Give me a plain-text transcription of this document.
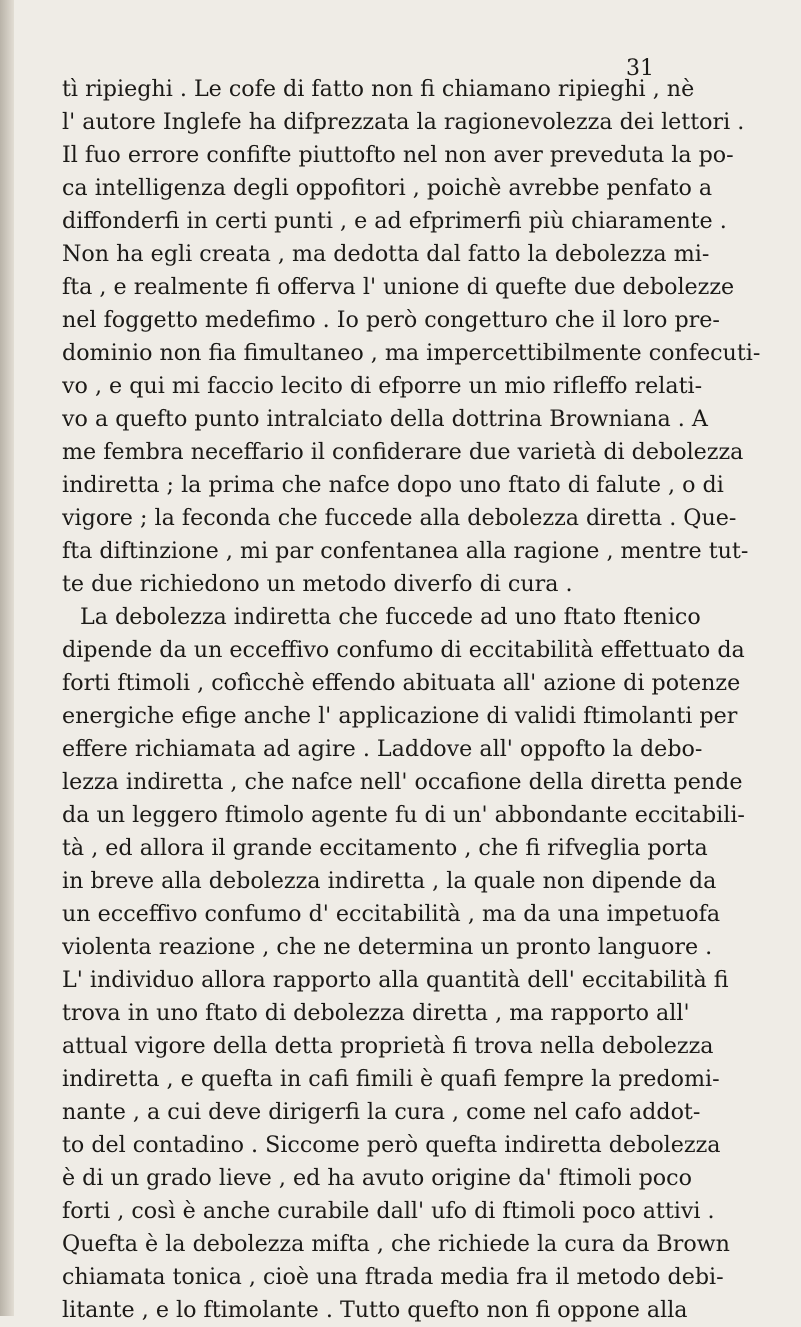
31
tì ripieghi . Le cofe di fatto non fi chiamano ripieghi , nè
l' autore Inglefe ha difprezzata la ragionevolezza dei lettori .
Il fuo errore confifte piuttofto nel non aver preveduta la po-
ca intelligenza degli oppofitori , poichè avrebbe penfato a
diffonderfi in certi punti , e ad efprimerfi più chiaramente .
Non ha egli creata , ma dedotta dal fatto la debolezza mi-
fta , e realmente fi offerva l' unione di quefte due debolezze
nel foggetto medefimo . Io però congetturo che il loro pre-
dominio non fia fimultaneo , ma impercettibilmente confecuti-
vo , e qui mi faccio lecito di efporre un mio rifleffo relati-
vo a quefto punto intralciato della dottrina Browniana . A
me fembra neceffario il confiderare due varietà di debolezza
indiretta ; la prima che nafce dopo uno ftato di falute , o di
vigore ; la feconda che fuccede alla debolezza diretta . Que-
fta diftinzione , mi par confentanea alla ragione , mentre tut-
te due richiedono un metodo diverfo di cura .
La debolezza indiretta che fuccede ad uno ftato ftenico
dipende da un ecceffivo confumo di eccitabilità effettuato da
forti ftimoli , cofìcchè effendo abituata all' azione di potenze
energiche efige anche l' applicazione di validi ftimolanti per
effere richiamata ad agire . Laddove all' oppofto la debo-
lezza indiretta , che nafce nell' occafione della diretta pende
da un leggero ftimolo agente fu di un' abbondante eccitabili-
tà , ed allora il grande eccitamento , che fi rifveglia porta
in breve alla debolezza indiretta , la quale non dipende da
un ecceffivo confumo d' eccitabilità , ma da una impetuofa
violenta reazione , che ne determina un pronto languore .
L' individuo allora rapporto alla quantità dell' eccitabilità fi
trova in uno ftato di debolezza diretta , ma rapporto all'
attual vigore della detta proprietà fi trova nella debolezza
indiretta , e quefta in cafi fimili è quafi fempre la predomi-
nante , a cui deve dirigerfi la cura , come nel cafo addot-
to del contadino . Siccome però quefta indiretta debolezza
è di un grado lieve , ed ha avuto origine da' ftimoli poco
forti , così è anche curabile dall' ufo di ftimoli poco attivi .
Quefta è la debolezza mifta , che richiede la cura da Brown
chiamata tonica , cioè una ftrada media fra il metodo debi-
litante , e lo ftimolante . Tutto quefto non fi oppone alla
